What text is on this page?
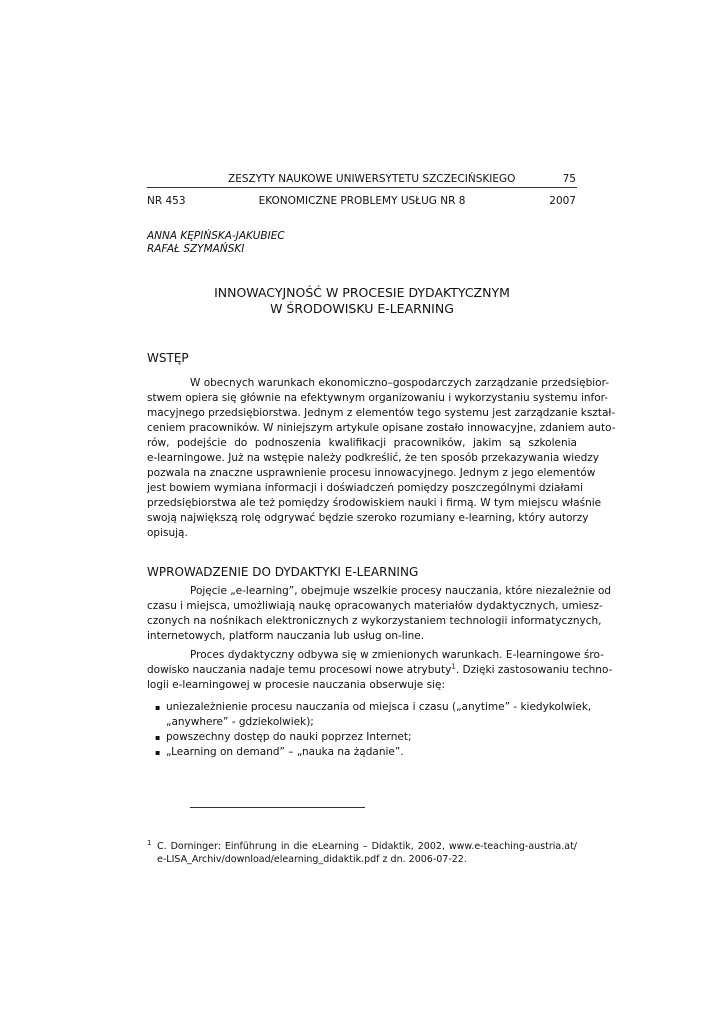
ZESZYTY NAUKOWE UNIWERSYTETU SZCZECIŃSKIEGO	75
NR 453	EKONOMICZNE PROBLEMY USŁUG NR 8	2007
ANNA KĘPIŃSKA-JAKUBIEC
RAFAŁ SZYMAŃSKI
INNOWACYJNOŚĆ W PROCESIE DYDAKTYCZNYM
W ŚRODOWISKU E-LEARNING
WSTĘP
W obecnych warunkach ekonomiczno–gospodarczych zarządzanie przedsiębior-
stwem opiera się głównie na efektywnym organizowaniu i wykorzystaniu systemu infor-
macyjnego przedsiębiorstwa. Jednym z elementów tego systemu jest zarządzanie kształ-
ceniem pracowników. W niniejszym artykule opisane zostało innowacyjne, zdaniem auto-
rów, podejście do podnoszenia kwalifikacji pracowników, jakim są szkolenia
e-learningowe. Już na wstępie należy podkreślić, że ten sposób przekazywania wiedzy
pozwala na znaczne usprawnienie procesu innowacyjnego. Jednym z jego elementów
jest bowiem wymiana informacji i doświadczeń pomiędzy poszczególnymi działami
przedsiębiorstwa ale też pomiędzy środowiskiem nauki i firmą. W tym miejscu właśnie
swoją największą rolę odgrywać będzie szeroko rozumiany e-learning, który autorzy
opisują.
WPROWADZENIE DO DYDAKTYKI E-LEARNING
Pojęcie „e-learning”, obejmuje wszelkie procesy nauczania, które niezależnie od
czasu i miejsca, umożliwiają naukę opracowanych materiałów dydaktycznych, umiesz-
czonych na nośnikach elektronicznych z wykorzystaniem technologii informatycznych,
internetowych, platform nauczania lub usług on-line.
Proces dydaktyczny odbywa się w zmienionych warunkach. E-learningowe śro-
dowisko nauczania nadaje temu procesowi nowe atrybuty$^1$. Dzięki zastosowaniu techno-
logii e-learningowej w procesie nauczania obserwuje się:
▪ uniezależnienie procesu nauczania od miejsca i czasu („anytime” - kiedykolwiek,
„anywhere” - gdziekolwiek);
▪ powszechny dostęp do nauki poprzez Internet;
▪ „Learning on demand” – „nauka na żądanie”.
1 C. Dorninger: Einführung in die eLearning – Didaktik, 2002, www.e-teaching-austria.at/
e-LISA_Archiv/download/elearning_didaktik.pdf z dn. 2006-07-22.
